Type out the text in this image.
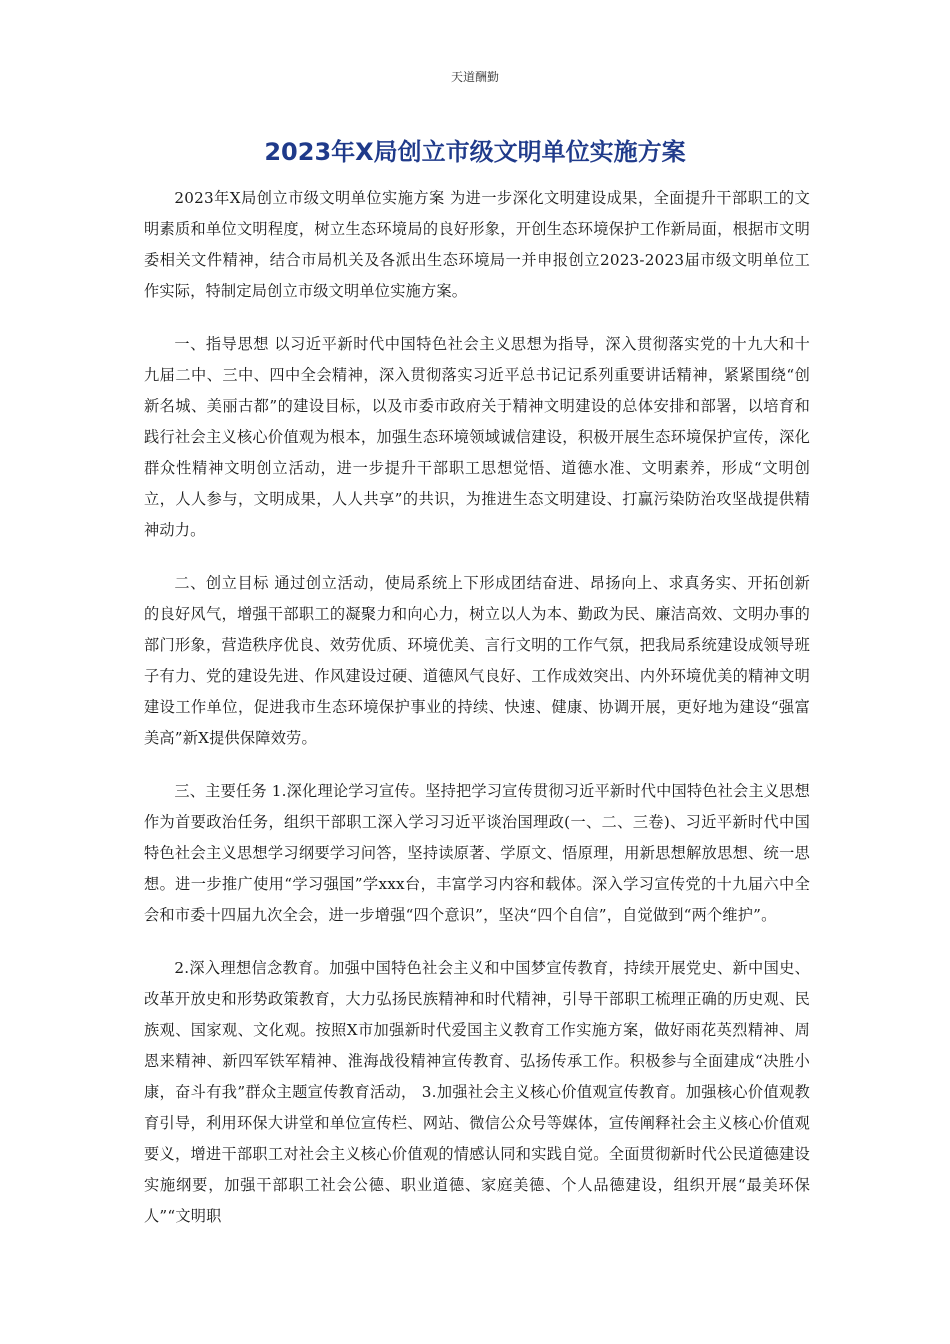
天道酬勤
2023年X局创立市级文明单位实施方案

2023年X局创立市级文明单位实施方案 为进一步深化文明建设成果，全面提升干部职工的文明素质和单位文明程度，树立生态环境局的良好形象，开创生态环境保护工作新局面，根据市文明委相关文件精神，结合市局机关及各派出生态环境局一并申报创立2023-2023届市级文明单位工作实际，特制定局创立市级文明单位实施方案。

一、指导思想 以习近平新时代中国特色社会主义思想为指导，深入贯彻落实党的十九大和十九届二中、三中、四中全会精神，深入贯彻落实习近平总书记记系列重要讲话精神，紧紧围绕“创新名城、美丽古都”的建设目标，以及市委市政府关于精神文明建设的总体安排和部署，以培育和践行社会主义核心价值观为根本，加强生态环境领域诚信建设，积极开展生态环境保护宣传，深化群众性精神文明创立活动，进一步提升干部职工思想觉悟、道德水准、文明素养，形成“文明创立，人人参与，文明成果，人人共享”的共识，为推进生态文明建设、打赢污染防治攻坚战提供精神动力。

二、创立目标 通过创立活动，使局系统上下形成团结奋进、昂扬向上、求真务实、开拓创新的良好风气，增强干部职工的凝聚力和向心力，树立以人为本、勤政为民、廉洁高效、文明办事的部门形象，营造秩序优良、效劳优质、环境优美、言行文明的工作气氛，把我局系统建设成领导班子有力、党的建设先进、作风建设过硬、道德风气良好、工作成效突出、内外环境优美的精神文明建设工作单位，促进我市生态环境保护事业的持续、快速、健康、协调开展，更好地为建设“强富美高”新X提供保障效劳。

三、主要任务 1.深化理论学习宣传。坚持把学习宣传贯彻习近平新时代中国特色社会主义思想作为首要政治任务，组织干部职工深入学习习近平谈治国理政(一、二、三卷)、习近平新时代中国特色社会主义思想学习纲要学习问答，坚持读原著、学原文、悟原理，用新思想解放思想、统一思想。进一步推广使用“学习强国”学xxx台，丰富学习内容和载体。深入学习宣传党的十九届六中全会和市委十四届九次全会，进一步增强“四个意识”，坚决“四个自信”，自觉做到“两个维护”。

2.深入理想信念教育。加强中国特色社会主义和中国梦宣传教育，持续开展党史、新中国史、改革开放史和形势政策教育，大力弘扬民族精神和时代精神，引导干部职工梳理正确的历史观、民族观、国家观、文化观。按照X市加强新时代爱国主义教育工作实施方案，做好雨花英烈精神、周恩来精神、新四军铁军精神、淮海战役精神宣传教育、弘扬传承工作。积极参与全面建成“决胜小康，奋斗有我”群众主题宣传教育活动， 3.加强社会主义核心价值观宣传教育。加强核心价值观教育引导，利用环保大讲堂和单位宣传栏、网站、微信公众号等媒体，宣传阐释社会主义核心价值观要义，增进干部职工对社会主义核心价值观的情感认同和实践自觉。全面贯彻新时代公民道德建设实施纲要，加强干部职工社会公德、职业道德、家庭美德、个人品德建设，组织开展“最美环保人”“文明职
